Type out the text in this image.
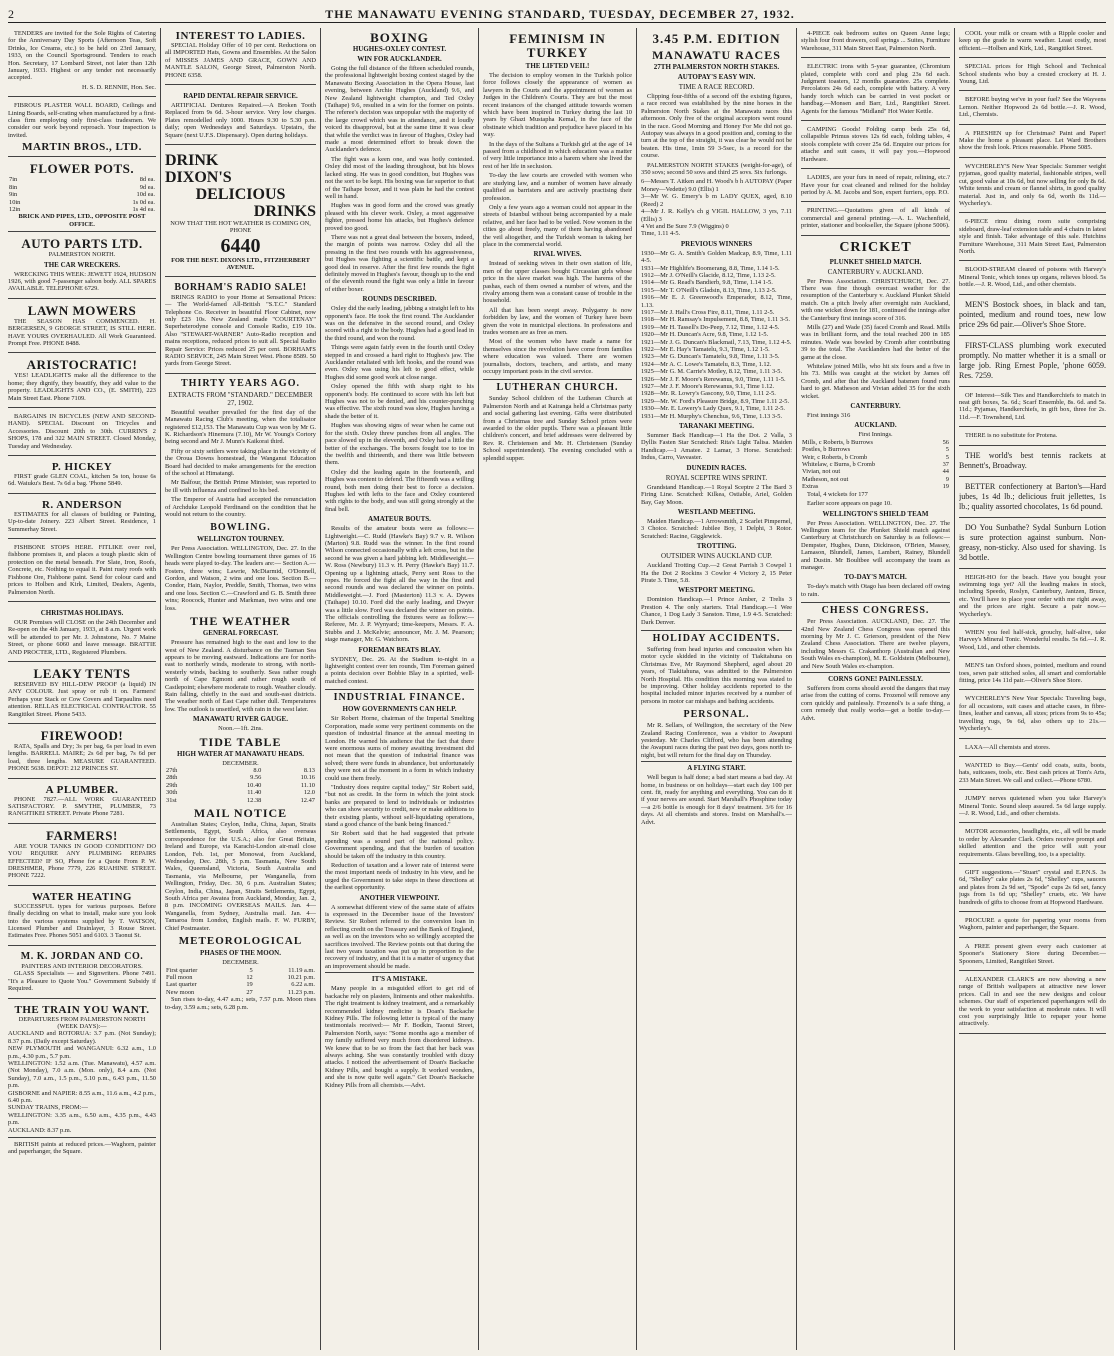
2	THE MANAWATU EVENING STANDARD, TUESDAY, DECEMBER 27, 1932.

TENDERS are invited for the Sole Rights of Catering for the Anniversary Day Sports (Afternoon Teas, Soft Drinks, Ice Creams, etc.) to be held on 23rd January, 1933, on the Council Sportsground. Tenders to reach Hon. Secretary, 17 Lombard Street, not later than 12th January, 1933. Highest or any tender not necessarily accepted.

H. S. D. RENNIE, Hon. Sec.

FIBROUS PLASTER WALL BOARD, Ceilings and Lining Boards, self-crating when manufactured by a first-class firm employing only first-class tradesmen. We consider our work beyond reproach. Your inspection is invited.

MARTIN BROS., LTD.
FLOWER POTS.
7in	8d ea.
8in	9d ea.
9in	10d ea.
10in	1s 0d ea.
12in	1s 4d ea.
BRICK AND PIPES, LTD., OPPOSITE POST OFFICE.
AUTO PARTS LTD.
PALMERSTON NORTH.
THE CAR WRECKERS.

WRECKING THIS WEEK: JEWETT 1924, HUDSON 1926, with good 7-passenger saloon body. ALL SPARES AVAILABLE. TELEPHONE 6729.

LAWN MOWERS

THE SEASON HAS COMMENCED. H. BERGERSEN, 9 GEORGE STREET, IS STILL HERE. HAVE YOURS OVERHAULED. All Work Guaranteed. Prompt Free. PHONE 8488.

ARISTOCRATIC!

YES! LEADLIGHTS make all the difference to the home; they dignify, they beautify, they add value to the property. LEADLIGHTS AND CO., (E. SMITH), 223 Main Street East. Phone 7109.

BARGAINS IN BICYCLES (NEW AND SECOND-HAND). SPECIAL Discount on Tricycles and Accessories. Discount 20th to 30th. CURRIN'S 2 SHOPS, 178 and 322 MAIN STREET. Closed Monday, Tuesday and Wednesday.

P. HICKEY

FIRST grade GLEN COAL, kitchen 5s ton, house 6s 6d. Waiuku's Best. 7s 6d a bag. 'Phone 5849.

R. ANDERSON

ESTIMATES for all classes of building or Painting, Up-to-date Joinery. 223 Albert Street. Residence, 1 Summerhay Street.

FISHBONE STOPS HERE. FITLIKE over reel, fishbone promises it, and places a tough plastic skin of protection on the metal beneath. For Slate, Iron, Roofs, Concrete, etc. Nothing to equal it. Paint rusty roofs with Fishbone Ore, Fishbone paint. Send for colour card and prices to Holben and Kirk, Limited, Dealers, Agents, Palmerston North.

CHRISTMAS HOLIDAYS.

OUR Premises will CLOSE on the 24th December and Re-open on the 4th January, 1933, at 8 a.m. Urgent work will be attended to per Mr. J. Johnstone, No. 7 Maine Street, or phone 6060 and leave message. BRATTIE AND PROCTER, LTD., Registered Plumbers.

LEAKY TENTS

RESERVED BY HILL-DEW PROOF (a liquid) IN ANY COLOUR. Just spray or rub it on. Farmers! Perhaps your Stack or Cow Covers and Tarpaulins need attention. RELLAS ELECTRICAL CONTRACTOR. 55 Rangitikei Street. Phone 5433.

FIREWOOD!

RATA, Spalls and Dry; 3s per bag, 6s per load in even lengths. BARRELL MAIRE; 2s 6d per bag, 7s 6d per load, three lengths. MEASURE GUARANTEED. PHONE 5638. DEPOT: 212 PRINCES ST.

A PLUMBER.

PHONE 7827.—ALL WORK GUARANTEED SATISFACTORY. P. SMYTHE, PLUMBER, 73 RANGITIKEI STREET. Private Phone 7281.

FARMERS!

ARE YOUR TANKS IN GOOD CONDITION? DO YOU REQUIRE ANY PLUMBING REPAIRS EFFECTED? IF SO, Phone for a Quote From P. W. DRESHMER, Phone 7779, 226 RUAHINE STREET. PHONE 7222.

WATER HEATING

SUCCESSFUL types for various purposes. Before finally deciding on what to install, make sure you look into the various systems supplied by T. WATSON, Licensed Plumber and Drainlayer, 3 Rouse Street. Estimates Free. Phones 5051 and 6103. 3 Taonui St.

M. K. JORDAN AND CO.
PAINTERS AND INTERIOR DECORATORS.

GLASS Specialists — and Signwriters. Phone 7491. "It's a Pleasure to Quote You." Government Subsidy if Required.

THE TRAIN YOU WANT.
DEPARTURES FROM PALMERSTON NORTH (WEEK DAYS):—
AUCKLAND and ROTORUA: 3.7 p.m. (Not Sunday); 8.37 p.m. (Daily except Saturday).
NEW PLYMOUTH and WANGANUI: 6.32 a.m., 1.0 p.m., 4.30 p.m., 5.7 p.m.
WELLINGTON: 1.52 a.m. (Tue. Manawatu), 4.57 a.m. (Not Monday), 7.0 a.m. (Mon. only), 8.4 a.m. (Not Sunday), 7.0 a.m., 1.5 p.m., 5.10 p.m., 6.43 p.m., 11.50 p.m.
GISBORNE and NAPIER: 8.55 a.m., 11.6 a.m., 4.2 p.m., 6.40 p.m.
SUNDAY TRAINS, FROM:—
WELLINGTON: 3.35 a.m., 6.50 a.m., 4.35 p.m., 4.43 p.m.
AUCKLAND: 8.37 p.m.

BRITISH paints at reduced prices.—Waghorn, painter and paperhanger, the Square.

INTEREST TO LADIES.

SPECIAL Holiday Offer of 10 per cent. Reductions on all IMPORTED Hats, Gowns and Ensembles. At the Salon of MISSES JAMES AND GRACE, GOWN AND MANTLE SALON, George Street, Palmerston North. PHONE 6358.

RAPID DENTAL REPAIR SERVICE.

ARTIFICIAL Dentures Repaired.—A Broken Tooth Replaced from 9s 6d. 3-hour service. Very low charges. Plates remodelled only 1000. Hours 9.30 to 5.30 p.m. daily; open Wednesdays and Saturdays. Upstairs, the Square (next U.F.S. Dispensary). Open during holidays.

DRINK
DIXON'S
DELICIOUS
DRINKS
NOW THAT THE HOT WEATHER IS COMING ON, PHONE
6440
FOR THE BEST. DIXONS LTD., FITZHERBERT AVENUE.
BORHAM'S RADIO SALE!

BRINGS RADIO to your Home at Sensational Prices:— The World-famed All-British "S.T.C." Standard Telephone Co. Receiver in beautiful Floor Cabinet, now only £23 10s. New Zealand made "COURTENAY" Superheterodyne console and Console Radio, £19 10s. Also "STEWART-WARNER" Auto-Radio reception and mains receptions, reduced prices to suit all. Special Radio Repair Service: Prices reduced 25 per cent. BORHAM'S RADIO SERVICE, 245 Main Street West. Phone 8589. 50 yards from George Street.

THIRTY YEARS AGO.
EXTRACTS FROM "STANDARD." DECEMBER 27, 1902.

Beautiful weather prevailed for the first day of the Manawatu Racing Club's meeting, when the totalisator registered £12,153. The Manawatu Cup was won by Mr G. K. Richardson's Hinemura (7.10), Mr W. Young's Cortory being second and Mr J. Munn's Kaikorai third.

Fifty or sixty settlers were taking place in the vicinity of the Oroua Downs homestead, the Wanganui Education Board had decided to make arrangements for the erection of the school at Himatangi.

Mr Balfour, the British Prime Minister, was reported to be ill with influenza and confined to his bed.

The Emperor of Austria had accepted the renunciation of Archduke Leopold Ferdinand on the condition that he would not return to the country.

BOWLING.
WELLINGTON TOURNEY.

Per Press Association. WELLINGTON, Dec. 27. In the Wellington Centre bowling tournament three games of 16 heads were played to-day. The leaders are:— Section A.—Fosters, three wins; Lawrie, McDiarmid, O'Donnell, Gordon, and Watson, 2 wins and one loss. Section B.—Condor, Hain, Naylor, Preddle, Smith, Thomas, two wins and one loss. Section C.—Crawford and G. B. Smith three wins; Roocock, Hunter and Markman, two wins and one loss.

THE WEATHER
GENERAL FORECAST.

Pressure has remained high to the east and low to the west of New Zealand. A disturbance on the Tasman Sea appears to be moving eastward. Indications are for north-east to northerly winds, moderate to strong, with north-westerly winds, backing to southerly. Seas rather rough north of Cape Egmont and rather rough south of Castlepoint; elsewhere moderate to rough. Weather cloudy. Rain falling, chiefly in the east and south-east districts. The weather north of East Cape rather dull. Temperatures low. The outlook is unsettled, with rain in the west later.

MANAWATU RIVER GAUGE.

Noon.—1ft. 2ins.

TIDE TABLE
HIGH WATER AT MANAWATU HEADS.
DECEMBER.
27th	8.0	8.13
28th	9.56	10.16
29th	10.40	11.10
30th	11.40	12.0
31st	12.38	12.47
MAIL NOTICE

Australian States; Ceylon, India, China, Japan, Straits Settlements, Egypt, South Africa, also overseas correspondence for the U.S.A.; also for Great Britain, Ireland and Europe, via Karachi-London air-mail close London, Feb. 1st, per Monowai, from Auckland, Wednesday, Dec. 28th, 5 p.m. Tasmania, New South Wales, Queensland, Victoria, South Australia and Tasmania, via Melbourne, per Wanganella, from Wellington, Friday, Dec. 30, 6 p.m. Australian States; Ceylon, India, China, Japan, Straits Settlements, Egypt, South Africa per Awatea from Auckland, Monday, Jan. 2, 8 p.m. INCOMING OVERSEAS MAILS. Jan. 4—Wanganella, from Sydney, Australia mail. Jan. 4—Tamaroa from London, English mails. F. W. FURBY, Chief Postmaster.

METEOROLOGICAL
PHASES OF THE MOON.
DECEMBER.
First quarter	5	11.19 a.m.
Full moon	12	10.21 p.m.
Last quarter	19	6.22 a.m.
New moon	27	11.23 p.m.

Sun rises to-day, 4.47 a.m.; sets, 7.57 p.m. Moon rises to-day, 3.59 a.m.; sets, 6.28 p.m.

BOXING
HUGHES-OXLEY CONTEST.
WIN FOR AUCKLANDER.

Going the full distance of the fifteen scheduled rounds, the professional lightweight boxing contest staged by the Manawatu Boxing Association in the Opera House, last evening, between Archie Hughes (Auckland) 9.6, and New Zealand lightweight champion, and Ted Oxley (Taihape) 9.6, resulted in a win for the former on points. The referee's decision was unpopular with the majority of the large crowd which was in attendance, and it loudly voiced its disapproval, but at the same time it was clear that while the verdict was in favour of Hughes, Oxley had made a most determined effort to break down the Aucklander's defence.

The fight was a keen one, and was hotly contested. Oxley did most of the leading throughout, but his blows lacked sting. He was in good condition, but Hughes was not the sort to be kept. His boxing was far superior to that of the Taihape boxer, and it was plain he had the contest well in hand.

Hughes was in good form and the crowd was greatly pleased with his clever work. Oxley, a most aggressive fighter, pressed home his attacks, but Hughes's defence proved too good.

There was not a great deal between the boxers, indeed, the margin of points was narrow. Oxley did all the pressing in the first two rounds with his aggressiveness, but Hughes was fighting a scientific battle, and kept a good deal in reserve. After the first few rounds the fight definitely moved in Hughes's favour, though up to the end of the eleventh round the fight was only a little in favour of either boxer.

ROUNDS DESCRIBED.

Oxley did the early leading, jabbing a straight left to his opponent's face. He took the first round. The Aucklander was on the defensive in the second round, and Oxley scored with a right to the body. Hughes had a good lead in the third round, and won the round.

Things were again fairly even in the fourth until Oxley stepped in and crossed a hard right to Hughes's jaw. The Aucklander retaliated with left hooks, and the round was even. Oxley was using his left to good effect, while Hughes did some good work at close range.

Oxley opened the fifth with sharp right to his opponent's body. He continued to score with his left but Hughes was not to be denied, and his counter-punching was effective. The sixth round was slow, Hughes having a shade the better of it.

Hughes was showing signs of wear when he came out for the sixth. Oxley threw punches from all angles. The pace slowed up in the eleventh, and Oxley had a little the better of the exchanges. The boxers fought toe to toe in the twelfth and thirteenth, and there was little between them.

Oxley did the leading again in the fourteenth, and Hughes was content to defend. The fifteenth was a willing round, both men doing their best to force a decision. Hughes led with lefts to the face and Oxley countered with rights to the body, and was still going strongly at the final bell.

AMATEUR BOUTS.

Results of the amateur bouts were as follows:— Lightweight.—C. Rudd (Hawke's Bay) 9.7 v. R. Wilson (Marton) 9.8. Rudd was the winner. In the first round Wilson connected occasionally with a left cross, but in the second he was given a hard jabbing left. Middleweight.—W. Ross (Newbury) 11.3 v. H. Perry (Hawke's Bay) 11.7. Opening up a lightning attack, Perry sent Ross to the ropes. He forced the fight all the way in the first and second rounds and was declared the winner on points. Middleweight.—J. Ford (Masterton) 11.3 v. A. Dywes (Taihape) 10.10. Ford did the early leading, and Dwyer was a little slow. Ford was declared the winner on points. The officials controlling the fixtures were as follow:—Referee, Mr. J. P. Wynyard; time-keepers, Messrs. F. A. Stubbs and J. McKelvie; announcer, Mr. J. M. Pearson; stage manager, Mr. G. Watchorn.

FOREMAN BEATS BLAY.

SYDNEY, Dec. 26. At the Stadium to-night in a lightweight contest over ten rounds, Tim Foreman gained a points decision over Bobbie Blay in a spirited, well-matched contest.

INDUSTRIAL FINANCE.
HOW GOVERNMENTS CAN HELP.

Sir Robert Horne, chairman of the Imperial Smelting Corporation, made some very pertinent comments on the question of industrial finance at the annual meeting in London. He warned his audience that the fact that there were enormous sums of money awaiting investment did not mean that the question of industrial finance was solved; there were funds in abundance, but unfortunately they were not at the moment in a form in which industry could use them freely.

"Industry does require capital today," Sir Robert said, "but not as credit. In the form in which the joint stock banks are prepared to lend to individuals or industries who can show security to credit, new or make additions to their existing plants, without self-liquidating operations, stand a good chance of the bank being financed."

Sir Robert said that he had suggested that private spending was a sound part of the national policy. Government spending, and that the burden of taxation should be taken off the industry in this country.

Reduction of taxation and a lower rate of interest were the most important needs of industry in his view, and he urged the Government to take steps in these directions at the earliest opportunity.

ANOTHER VIEWPOINT.

A somewhat different view of the same state of affairs is expressed in the December issue of the Investors' Review. Sir Robert referred to the conversion loan in reflecting credit on the Treasury and the Bank of England, as well as on the investors who so willingly accepted the sacrifices involved. The Review points out that during the last two years taxation was put up in proportion to the recovery of industry, and that it is a matter of urgency that an improvement should be made.

IT'S A MISTAKE.

Many people in a misguided effort to get rid of backache rely on plasters, liniments and other makeshifts. The right treatment is kidney treatment, and a remarkably recommended kidney medicine is Doan's Backache Kidney Pills. The following letter is typical of the many testimonials received:— Mr F. Bodkin, Taonui Street, Palmerston North, says: "Some months ago a member of my family suffered very much from disordered kidneys. We knew that to be so from the fact that her back was always aching. She was constantly troubled with dizzy attacks. I noticed the advertisement of Doan's Backache Kidney Pills, and bought a supply. It worked wonders, and she is now quite well again." Get Doan's Backache Kidney Pills from all chemists.—Advt.

FEMINISM IN TURKEY
THE LIFTED VEIL!

The decision to employ women in the Turkish police force follows closely the appearance of women as lawyers in the Courts and the appointment of women as Judges in the Children's Courts. They are but the most recent instances of the changed attitude towards women which have been inspired in Turkey during the last 10 years by Ghazi Mustapha Kemal, in the face of the obstinate which tradition and prejudice have placed in his way.

In the days of the Sultans a Turkish girl at the age of 14 passed from a childhood in which education was a matter of very little importance into a harem where she lived the rest of her life in seclusion.

To-day the law courts are crowded with women who are studying law, and a number of women have already qualified as barristers and are actively practising their profession.

Only a few years ago a woman could not appear in the streets of Istanbul without being accompanied by a male relative, and her face had to be veiled. Now women in the cities go about freely, many of them having abandoned the veil altogether, and the Turkish woman is taking her place in the commercial world.

RIVAL WIVES.

Instead of seeking wives in their own station of life, men of the upper classes bought Circassian girls whose price in the slave market was high. The harems of the pashas, each of them owned a number of wives, and the rivalry among them was a constant cause of trouble in the household.

All that has been swept away. Polygamy is now forbidden by law, and the women of Turkey have been given the vote in municipal elections. In professions and trades women are as free as men.

Most of the women who have made a name for themselves since the revolution have come from families where education was valued. There are women journalists, doctors, teachers, and artists, and many occupy important posts in the civil service.

LUTHERAN CHURCH.

Sunday School children of the Lutheran Church at Palmerston North and at Kairanga held a Christmas party and social gathering last evening. Gifts were distributed from a Christmas tree and Sunday School prizes were awarded to the older pupils. There was a pleasant little children's concert, and brief addresses were delivered by Rev. R. Christensen and Mr. H. Christensen (Sunday School superintendent). The evening concluded with a splendid supper.

3.45 P.M. EDITION
MANAWATU RACES
27TH PALMERSTON NORTH STAKES.
AUTOPAY'S EASY WIN.
TIME A RACE RECORD.

Clipping four-fifths of a second off the existing figures, a race record was established by the nine horses in the Palmerston North Stakes at the Manawatu races this afternoon. Only five of the original acceptors went round in the race. Good Morning and Honey For Me did not go. Autopay was always in a good position and, coming to the turn at the top of the straight, it was clear he would not be beaten. His time, 1min 59 3-5sec, is a record for the course.

PALMERSTON NORTH STAKES (weight-for-age), of 350 sovs; second 50 sovs and third 25 sovs. Six furlongs.

6—Messrs T. Aitken and H. Wood's b h AUTOPAY (Paper Money—Vedette) 9.0 (Ellis) 1
3—Mr W. G. Emery's b m LADY QUEX, aged, 8.10 (Reed) 2
4—Mr J. R. Kelly's ch g VIGIL HALLOW, 3 yrs, 7.11 (Ellis) 3
4 Vet and Be Sure 7.9 (Wiggins) 0
Time, 1.11 4-5.
PREVIOUS WINNERS
1930—Mr G. A. Smith's Golden Madcap, 8.9, Time, 1.11 4-5.
1931—Mr Highlife's Boomerang, 8.8, Time, 1.14 1-5.
1912—Mr J. O'Neill's Glacide, 8.12, Time, 1.13 2-5.
1914—Mr G. Read's Bandierb, 9.8, Time, 1.14 1-5.
1915—Mr T. O'Neill's Gladsin, 8.13, Time, 1.13 2-5.
1916—Mr E. J. Greenwood's Emperador, 8.12, Time, 1.13.
1917—Mr J. Hall's Cross Fire, 8.11, Time, 1.11 2-5.
1918—Mr H. Ramsay's Impulsement, 8.8, Time, 1.11 3-5.
1919—Mr H. Tassell's Do-Peep, 7.12, Time, 1.12 4-5.
1920—Mr H. Duncan's Acre, 9.8, Time, 1.12 1-5.
1921—Mr J. G. Duncan's Blackmail, 7.13, Time, 1.12 4-5.
1922—Mr E. Hay's Tamatelu, 9.3, Time, 1.12 1-5.
1923—Mr G. Duncan's Tamatelu, 9.8, Time, 1.11 3-5.
1924—Mr A. C. Lowe's Tamatelu, 8.3, Time, 1.12.
1925—Mr G. M. Carrie's Motley, 8.12, Time, 1.11 3-5.
1926—Mr J. F. Moore's Rerewanus, 9.0, Time, 1.11 1-5.
1927—Mr J. F. Moore's Rerewanus, 9.1, Time 1.12.
1928—Mr. R. Lowry's Gascony, 9.0, Time, 1.11 2-5.
1929—Mr. W. Ford's Pleasure Bridge, 8.9, Time 1.11 2-5.
1930—Mr. E. Lowery's Lady Quex, 9.1, Time, 1.11 2-5.
1931—Mr H. Murphy's Chenchus, 9.6, Time, 1.13 3-5.
TARANAKI MEETING.

Summer Back Handicap—1 Ha the Dot. 2 Valla, 3 Dyllis Fasten Star Scratched: Rita's Light Talisa. Maiden Handicap.—1 Amatee. 2 Lamar, 3 Horse. Scratched: Indus, Carro, Vaveaster.

DUNEDIN RACES.
ROYAL SCEPTRE WINS SPRINT.

Grandstand Handicap.—1 Royal Sceptre 2 The Bard 3 Firing Line. Scratched: Kilkea, Ostiable, Ariel, Golden Bay, Gay Moon.

WESTLAND MEETING.

Maiden Handicap.—1 Arrowsmith, 2 Scarlet Pimpernel, 3 Choice. Scratched: Jubilee Boy, 1 Delphi, 3 Rotor. Scratched: Racine, Gigglewick.

TROTTING.
OUTSIDER WINS AUCKLAND CUP.

Auckland Trotting Cup.—2 Great Parrish 3 Cowpel 1 Ha the Dot 2 Rockins 3 Cowlor 4 Victory 2, 15 Peter Pirate 3. Time, 5.8.

WESTPORT MEETING.

Dominion Handicap.—1 Prince Amber, 2 Trelis 3 Prestion 4. The only starters. Trial Handicap.—1 Wee Chance, 1 Dog Lady 3 Sanston. Time, 1.9 4-5. Scratched: Dark Denver.

HOLIDAY ACCIDENTS.

Suffering from head injuries and concussion when his motor cycle skidded in the vicinity of Tiakitahuna on Christmas Eve, Mr Raymond Shepherd, aged about 20 years, of Tiakitahuna, was admitted to the Palmerston North Hospital. His condition this morning was stated to be improving. Other holiday accidents reported to the hospital included minor injuries received by a number of persons in motor car mishaps and bathing accidents.

PERSONAL.

Mr R. Sellars, of Wellington, the secretary of the New Zealand Racing Conference, was a visitor to Awapuni yesterday. Mr Charles Clifford, who has been attending the Awapuni races during the past two days, goes north to-night, but will return for the final day on Thursday.

A FLYING START.

Well begun is half done; a bad start means a bad day. At home, in business or on holidays—start each day 100 per cent. fit, ready for anything and everything. You can do it if your nerves are sound. Start Marshall's Phosphine today—a 2/6 bottle is enough for 8 days' treatment. 3/6 for 16 days. At all chemists and stores. Insist on Marshall's.—Advt.

4-PIECE oak bedroom suites on Queen Anne legs; stylish four front drawers, coil springs ... Suites, Furniture Warehouse, 311 Main Street East, Palmerston North.

ELECTRIC irons with 5-year guarantee, (Chromium plated, complete with cord and plug 23s 6d each. Judgment toasters, 12 months guarantee. 25s complete. Percolators 24s 6d each, complete with battery. A very handy torch which can be carried in vest pocket or handbag.—Monsen and Barr, Ltd., Rangitikei Street. Agents for the famous "Midland" Hot Water Kettle.

CAMPING Goods! Folding camp beds 25s 6d, collapsible Primus stoves 12s 6d each, folding tables, 4 stools complete with cover 25s 6d. Enquire our prices for attache and suit cases, it will pay you.—Hopwood Hardware.

LADIES, are your furs in need of repair, relining, etc.? Have your fur coat cleaned and relined for the holiday period by A. M. Jacobs and Son, expert furriers, opp. P.O.

PRINTING.—Quotations given of all kinds of commercial and general printing.—A. L. Wachenfield, printer, stationer and bookseller, the Square (phone 5006).

CRICKET
PLUNKET SHIELD MATCH.
CANTERBURY v. AUCKLAND.

Per Press Association. CHRISTCHURCH, Dec. 27. There was fine though overcast weather for the resumption of the Canterbury v. Auckland Plunket Shield match. On a pitch lively after overnight rain Auckland, with one wicket down for 181, continued the innings after the Canterbury first innings score of 316.

Mills (27) and Wade (35) faced Cromb and Read. Mills was in brilliant form, and the total reached 200 in 185 minutes. Wade was bowled by Cromb after contributing 39 to the total. The Aucklanders had the better of the game at the close.

Whitelaw joined Mills, who hit six fours and a five in his 73. Mills was caught at the wicket by James off Cromb, and after that the Auckland batsmen found runs hard to get. Matheson and Vivian added 35 for the sixth wicket.

CANTERBURY.

First innings 316

AUCKLAND.
First Innings.
Mills, c Roberts, b Burrows	56
Postles, b Burrows	5
Weir, c Roberts, b Cromb	5
Whitelaw, c Burns, b Cromb	37
Vivian, not out	44
Matheson, not out	9
Extras	19

Total, 4 wickets for 177

Earlier score appears on page 10.

WELLINGTON'S SHIELD TEAM

Per Press Association. WELLINGTON, Dec. 27. The Wellington team for the Plunket Shield match against Canterbury at Christchurch on Saturday is as follows:— Dempster, Hughes, Dunn, Dickinson, O'Brien, Massey, Lamason, Blundell, James, Lambert, Rainey, Blundell and Dustin. Mr Boultbee will accompany the team as manager.

TO-DAY'S MATCH.

To-day's match with Otago has been declared off owing to rain.

CHESS CONGRESS.

Per Press Association. AUCKLAND, Dec. 27. The 42nd New Zealand Chess Congress was opened this morning by Mr J. C. Grierson, president of the New Zealand Chess Association. There are twelve players, including Messrs G. Crakanthorp (Australian and New South Wales ex-champion), M. E. Goldstein (Melbourne), and New South Wales ex-champion.

CORNS GONE! PAINLESSLY.

Sufferers from corns should avoid the dangers that may arise from the cutting of corns. Frozenol will remove any corn quickly and painlessly. Frozenol's is a safe thing, a corn remedy that really works—get a bottle to-day.—Advt.

COOL your milk or cream with a Ripple cooler and keep up the grade in warm weather. Least costly, most efficient.—Holben and Kirk, Ltd., Rangitikei Street.

SPECIAL prices for High School and Technical School students who buy a crested crockery at H. J. Young, Ltd.

BEFORE buying we've in your fuel? See the Wayvens Lemon. Neither Hopwood 2s 6d bottle.—J. R. Wood, Ltd., Chemists.

A FRESHEN up for Christmas? Paint and Paper! Make the home a pleasant place. Let Ward Brothers show the fresh look. Prices reasonable. Phone 5085.

WYCHERLEY'S New Year Specials: Summer weight pyjamas, good quality material, fashionable stripes, well cut, good value at 10s 6d, but now selling for only 8s 6d. White tennis and cream or flannel shirts, in good quality material. Just in, and only 6s 6d, worth 8s 11d.—Wycherley's.

6-PIECE rimu dining room suite comprising sideboard, draw-leaf extension table and 4 chairs in latest style and finish. Take advantage of this sale. Hutchins Furniture Warehouse, 311 Main Street East, Palmerston North.

BLOOD-STREAM cleared of poisons with Harvey's Mineral Tonic, which tones up organs, relieves blood. 5s bottle.—J. R. Wood, Ltd., and other chemists.

MEN'S Bostock shoes, in black and tan, pointed, medium and round toes, new low price 29s 6d pair.—Oliver's Shoe Store.

FIRST-CLASS plumbing work executed promptly. No matter whether it is a small or large job. Ring Ernest Pople, 'phone 6059. Res. 7259.

OF Interest—Silk Ties and Handkerchiefs to match in neat gift boxes, 5s. 6d.; Scarf Ensemble, 8s. 6d. and 5s. 11d.; Pyjamas, Handkerchiefs, in gift box, three for 2s. 11d.—F. Townshend, Ltd.

THERE is no substitute for Protena.

THE world's best tennis rackets at Bennett's, Broadway.

BETTER confectionery at Barton's—Hard jubes, 1s 4d lb.; delicious fruit jellettes, 1s lb.; quality assorted chocolates, 1s 6d pound.

DO You Sunbathe? Sydal Sunburn Lotion is sure protection against sunburn. Non-greasy, non-sticky. Also used for shaving. 1s 3d bottle.

HEIGH-HO for the beach. Have you bought your swimming togs yet? All the leading makes in stock, including Speedo, Roslyn, Canterbury, Jantzen, Bruce, etc. You'll have to place your order with me right away, and the prices are right. Secure a pair now.—Wycherley's.

WHEN you feel half-sick, grouchy, half-alive, take Harvey's Mineral Tonic. Wonderful results. 5s 6d.—J. R. Wood, Ltd., and other chemists.

MEN'S tan Oxford shoes, pointed, medium and round toes, sewn pair stitched soles, all smart and comfortable fitting, price 14s 11d pair.—Oliver's Shoe Store.

WYCHERLEY'S New Year Specials: Traveling bags, for all occasions, suit cases and attache cases, in fibre-lines, leather and canvas, all sizes; prices from 9s to 45s; travelling rugs, 9s 6d, also others up to 21s.—Wycherley's.

LAXA—All chemists and stores.

WANTED to Buy.—Gents' odd coats, suits, boots, hats, suitcases, tools, etc. Best cash prices at Tom's Arts, 233 Main Street. We call and collect.—Phone 6780.

JUMPY nerves quietened when you take Harvey's Mineral Tonic. Sound sleep assured. 5s 6d large supply.—J. R. Wood, Ltd., and other chemists.

MOTOR accessories, headlights, etc., all will be made to order by Alexander Clark. Orders receive prompt and skilled attention and the price will suit your requirements. Glass bevelling, too, is a speciality.

GIFT suggestions.—"Stuart" crystal and E.P.N.S. 3s 6d, "Shelley" cake plates 2s 6d, "Shelley" cups, saucers and plates from 2s 9d set, "Spode" cups 2s 6d set, fancy jugs from 1s 6d up; "Shelley" cruets, etc. We have hundreds of gifts to choose from at Hopwood Hardware.

PROCURE a quote for papering your rooms from Waghorn, painter and paperhanger, the Square.

A FREE present given every each customer at Spooner's Stationery Store during December.—Spooners, Limited, Rangitikei Street.

ALEXANDER CLARK'S are now showing a new range of British wallpapers at attractive new lower prices. Call in and see the new designs and colour schemes. Our staff of experienced paperhangers will do the work to your satisfaction at moderate rates. It will cost you surprisingly little to repaper your home attractively.
